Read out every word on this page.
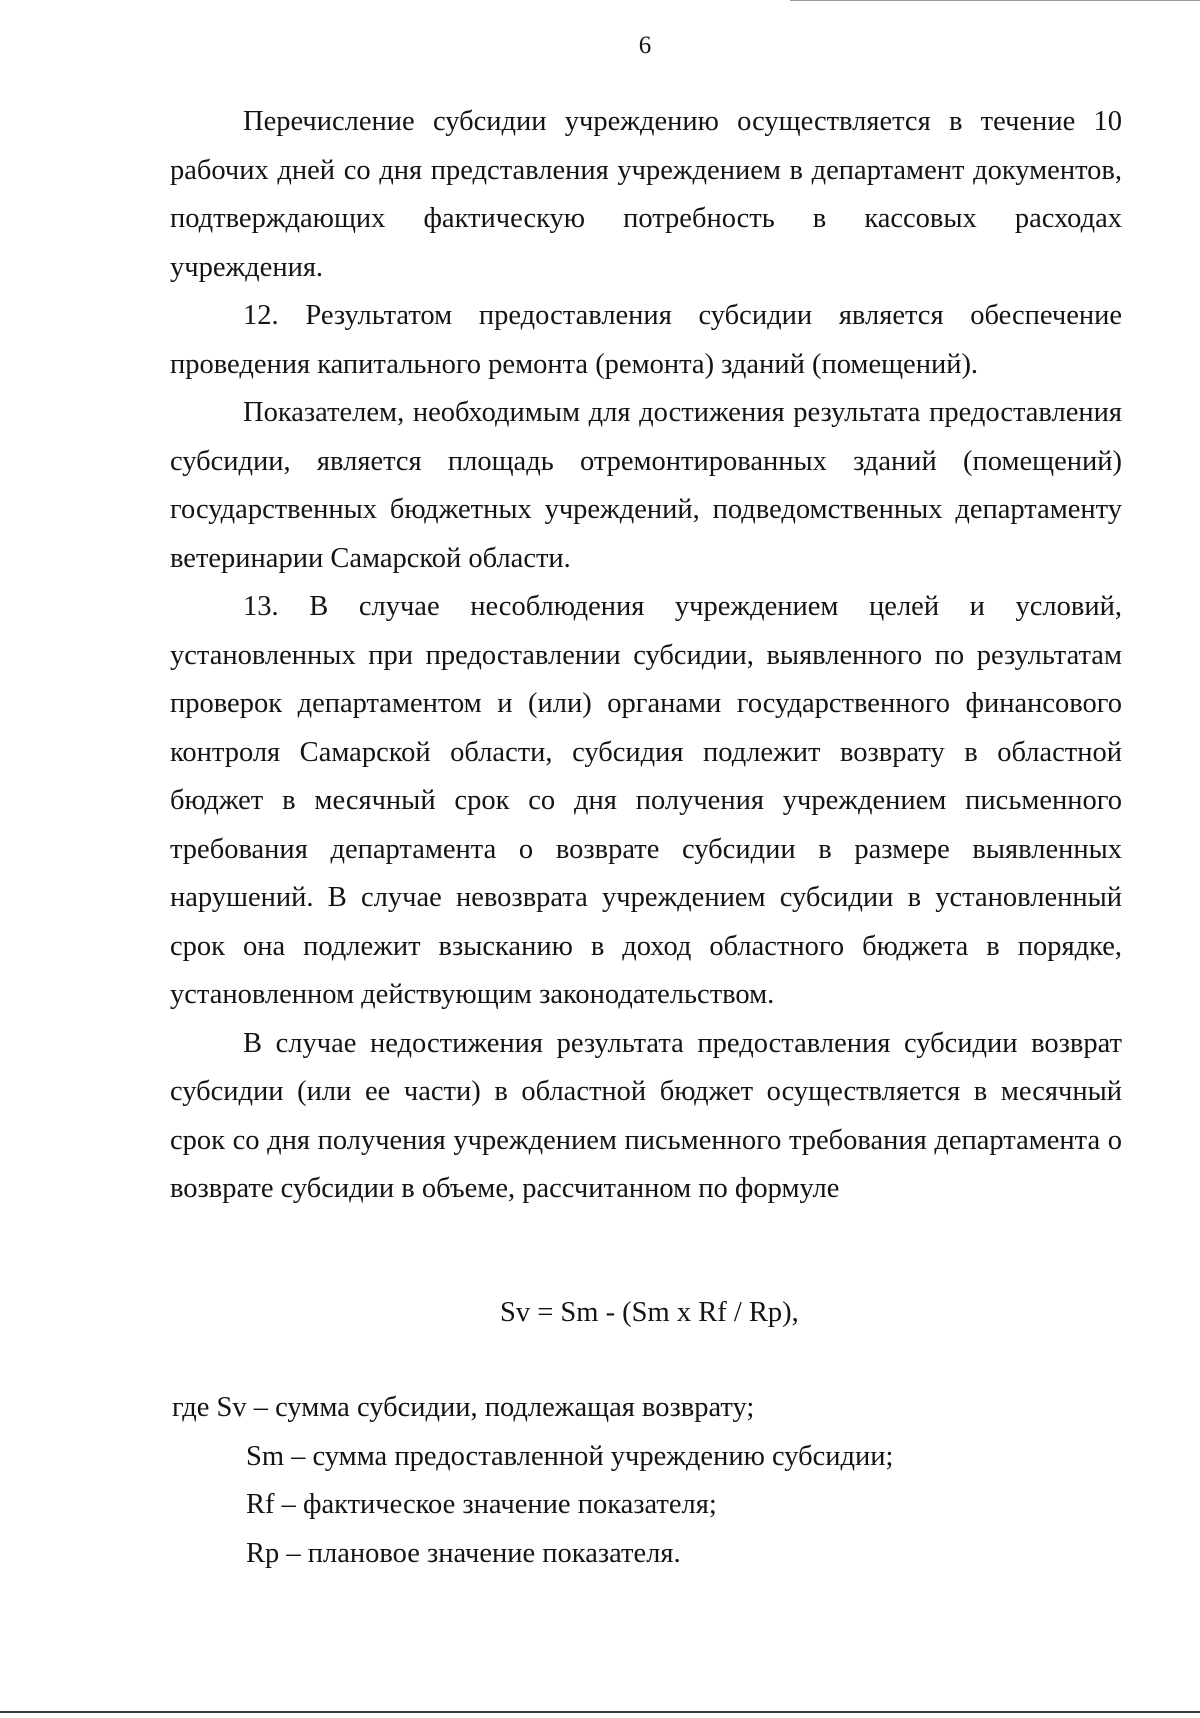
6

Перечисление субсидии учреждению осуществляется в течение 10 рабочих дней со дня представления учреждением в департамент документов, подтверждающих фактическую потребность в кассовых расходах учреждения.

12. Результатом предоставления субсидии является обеспечение проведения капитального ремонта (ремонта) зданий (помещений).

Показателем, необходимым для достижения результата предоставления субсидии, является площадь отремонтированных зданий (помещений) государственных бюджетных учреждений, подведомственных департаменту ветеринарии Самарской области.

13. В случае несоблюдения учреждением целей и условий, установленных при предоставлении субсидии, выявленного по результатам проверок департаментом и (или) органами государственного финансового контроля Самарской области, субсидия подлежит возврату в областной бюджет в месячный срок со дня получения учреждением письменного требования департамента о возврате субсидии в размере выявленных нарушений. В случае невозврата учреждением субсидии в установленный срок она подлежит взысканию в доход областного бюджета в порядке, установленном действующим законодательством.

В случае недостижения результата предоставления субсидии возврат субсидии (или ее части) в областной бюджет осуществляется в месячный срок со дня получения учреждением письменного требования департамента о возврате субсидии в объеме, рассчитанном по формуле

Sv = Sm - (Sm x Rf / Rp),

где Sv – сумма субсидии, подлежащая возврату;

Sm – сумма предоставленной учреждению субсидии;

Rf – фактическое значение показателя;

Rp – плановое значение показателя.
